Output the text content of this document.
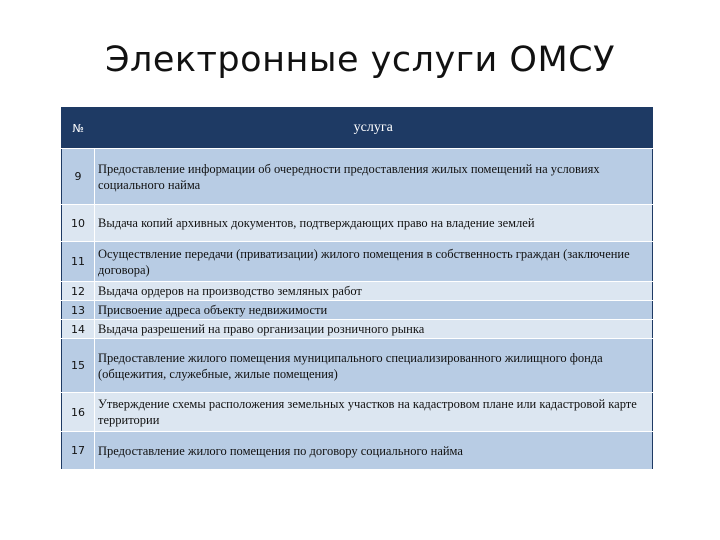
Электронные услуги ОМСУ
№	услуга
9	Предоставление информации об очередности предоставления жилых помещений на условиях социального найма
10	Выдача копий архивных документов, подтверждающих право на владение землей
11	Осуществление передачи (приватизации) жилого помещения в собственность граждан (заключение договора)
12	Выдача ордеров на производство земляных работ
13	Присвоение адреса объекту недвижимости
14	Выдача разрешений на право организации розничного рынка
15	Предоставление жилого помещения муниципального специализированного жилищного фонда (общежития, служебные, жилые помещения)
16	Утверждение схемы расположения земельных участков на кадастровом плане или кадастровой карте территории
17	Предоставление жилого помещения по договору социального найма
